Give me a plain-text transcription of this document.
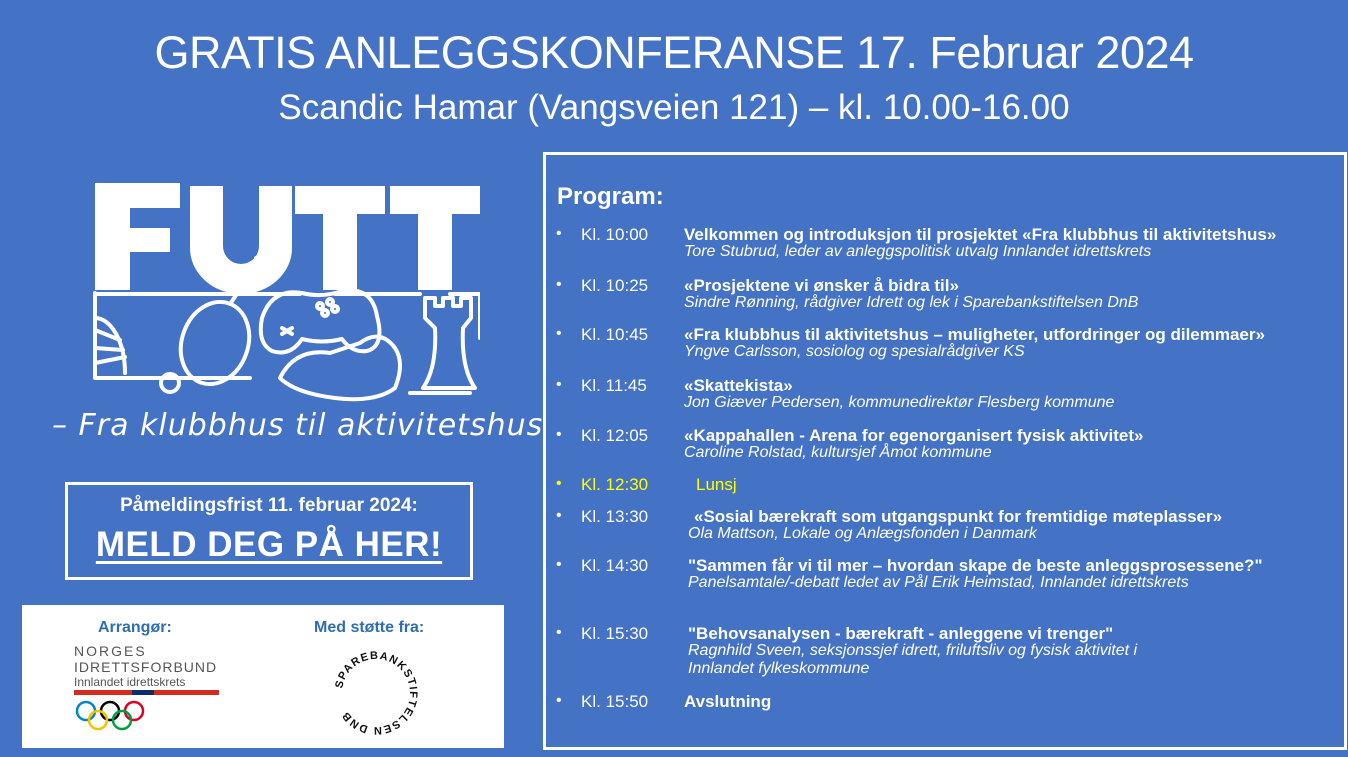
GRATIS ANLEGGSKONFERANSE 17. Februar 2024
Scandic Hamar (Vangsveien 121) – kl. 10.00-16.00
– Fra klubbhus til aktivitetshus
Påmeldingsfrist 11. februar 2024:
MELD DEG PÅ HER!
Arrangør:	Med støtte fra:
NORGES
IDRETTSFORBUND
Innlandet idrettskrets	SPAREBANKSTIFTELSEN DNB
Program:
• Kl. 10:00 Velkommen og introduksjon til prosjektet «Fra klubbhus til aktivitetshus»
Tore Stubrud, leder av anleggspolitisk utvalg Innlandet idrettskrets
• Kl. 10:25 «Prosjektene vi ønsker å bidra til»
Sindre Rønning, rådgiver Idrett og lek i Sparebankstiftelsen DnB
• Kl. 10:45 «Fra klubbhus til aktivitetshus – muligheter, utfordringer og dilemmaer»
Yngve Carlsson, sosiolog og spesialrådgiver KS
• Kl. 11:45 «Skattekista»
Jon Giæver Pedersen, kommunedirektør Flesberg kommune
• Kl. 12:05 «Kappahallen - Arena for egenorganisert fysisk aktivitet»
Caroline Rolstad, kultursjef Åmot kommune
• Kl. 12:30	Lunsj
• Kl. 13:30	«Sosial bærekraft som utgangspunkt for fremtidige møteplasser»
Ola Mattson, Lokale og Anlægsfonden i Danmark
• Kl. 14:30 "Sammen får vi til mer – hvordan skape de beste anleggsprosessene?"
Panelsamtale/-debatt ledet av Pål Erik Heimstad, Innlandet idrettskrets
• Kl. 15:30 "Behovsanalysen - bærekraft - anleggene vi trenger"
Ragnhild Sveen, seksjonssjef idrett, friluftsliv og fysisk aktivitet i
Innlandet fylkeskommune
• Kl. 15:50 Avslutning
